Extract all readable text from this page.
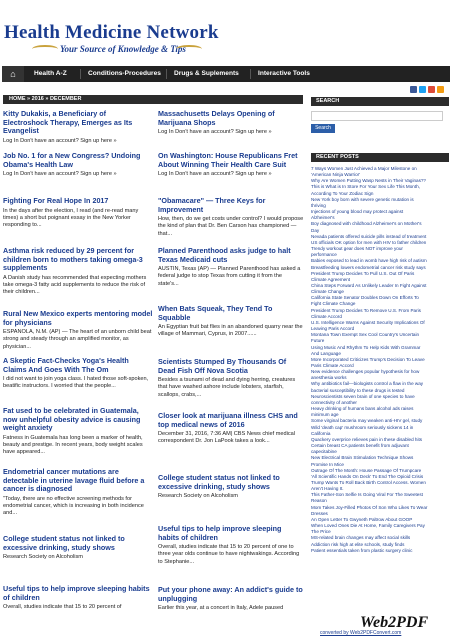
Health Medicine Network
Your Source of Knowledge & Tips
⌂	Health A-Z	Conditions-Procedures Drugs & Suplements	Interactive Tools
HOME » 2016 » DECEMBER
Kitty Dukakis, a Beneficiary of Electroshock Therapy, Emerges as Its Evangelist
Log In Don't have an account? Sign up here »
Job No. 1 for a New Congress? Undoing Obama's Health Law
Log In Don't have an account? Sign up here »
Fighting For Real Hope In 2017
In the days after the election, I read (and re-read many times) a short but poignant essay in the New Yorker responding to...
Asthma risk reduced by 29 percent for children born to mothers taking omega-3 supplements
A Danish study has recommended that expecting mothers take omega-3 fatty acid supplements to reduce the risk of their children...
Rural New Mexico experts mentoring model for physicians
ESPANOLA, N.M. (AP) — The heart of an unborn child beat strong and steady through an amplified monitor, as physician...
A Skeptic Fact-Checks Yoga's Health Claims And Goes With The Om
I did not want to join yoga class. I hated those soft-spoken, beatific instructors. I worried that the people...
Fat used to be celebrated in Guatemala, now unhelpful obesity advice is causing weight anxiety
Fatness in Guatemala has long been a marker of health, beauty and prestige. In recent years, body weight scales have appeared...
Endometrial cancer mutations are detectable in uterine lavage fluid before a cancer is diagnosed
"Today, there are no effective screening methods for endometrial cancer, which is increasing in both incidence and...
College student status not linked to excessive drinking, study shows
Research Society on Alcoholism
Useful tips to help improve sleeping habits of children
Overall, studies indicate that 15 to 20 percent of
Massachusetts Delays Opening of Marijuana Shops
Log In Don't have an account? Sign up here »
On Washington: House Republicans Fret About Winning Their Health Care Suit
Log In Don't have an account? Sign up here »
"Obamacare" — Three Keys for Improvement
How, then, do we get costs under control? I would propose the kind of plan that Dr. Ben Carson has championed — that...
Planned Parenthood asks judge to halt Texas Medicaid cuts
AUSTIN, Texas (AP) — Planned Parenthood has asked a federal judge to stop Texas from cutting it from the state's...
When Bats Squeak, They Tend To Squabble
An Egyptian fruit bat flies in an abandoned quarry near the village of Mammari, Cyprus, in 2007......
Scientists Stumped By Thousands Of Dead Fish Off Nova Scotia
Besides a tsunami of dead and dying herring, creatures that have washed ashore include lobsters, starfish, scallops, crabs,...
Closer look at marijuana illness CHS and top medical news of 2016
December 31, 2016, 7:36 AM| CBS News chief medical correspondent Dr. Jon LaPook takes a look...
College student status not linked to excessive drinking, study shows
Research Society on Alcoholism
Useful tips to help improve sleeping habits of children
Overall, studies indicate that 15 to 20 percent of one to three year olds continue to have nightwakings. According to Stephanie...
Put your phone away: An addict's guide to unplugging
Earlier this year, at a concert in Italy, Adele paused
SEARCH
Search
RECENT POSTS
7 Ways Women Just Achieved a Major Milestone on
'American Ninja Warrior'
Why Are Women Putting Wasp Nests in Their Vaginas??
This is What is In Store For Your Sex Life This Month,
According To Your Zodiac Sign
New York boy born with severe genetic mutation is
thriving
Injections of young blood may protect against
Alzheimer's
Boy diagnosed with childhood Alzheimer's on Mother's
Day
Nevada patients offered suicide pills instead of treatment
US officials OK option for men with HIV to father children
Trendy workout gear does NOT improve your
performance
Babies exposed to lead in womb have high risk of autism
Breastfeeding lowers endometrial cancer risk study says
President Trump Decides To Pull U.S. Out Of Paris
Climate Agreement
China Steps Forward As Unlikely Leader In Fight Against
Climate Change
California State Senator Doubles Down On Efforts To
Fight Climate Change
President Trump Decides To Remove U.S. From Paris
Climate Accord
U.S. Intelligence Warns Against Security Implications Of
Leaving Paris Accord
Montana Town Exempt Sex Cool Country's Uncertain
Future
Using Music And Rhythm To Help Kids With Grammar
And Language
More Incorporated Criticizes Trump's Decision To Leave
Paris Climate Accord
New evidence challenges popular hypothesis for how
anesthesia works
Why antibiotics fail—biologists control a flaw in the way
bacterial susceptibility to these drugs is tested
Neuroscientists seven brain of one species to have
connectivity of another
Heavy drinking of humans bans alcohol ads raises
minimum age
Some virginal bacteria may weaken anti-HIV gel, study
Wild 'death cap' mushroom seriously sickens 14 in
California
Quackery overprice relieves pain in these disabled hits
Certain breast CA patients benefit from adjuvant
capecitabine
New Electrical Brain Stimulation Technique Shows
Promise In Mice
Outrage Of The Month: House Passage Of Trumpcare
'All Scientific Hands On Deck' To End The Opioid Crisis
Trump Wants To Roll Back Birth Control Access. Women
Aren't Having It.
This Father-Son Selfie Is Going Viral For The Sweetest
Reason
Mom Takes Joy-Filled Photos Of Son Who Likes To Wear
Dresses
An Open Letter To Gwyneth Paltrow About GOOP
When Loved Ones Die At Home, Family Caregivers Pay
The Price
MS-related brain changes may affect social skills
Addiction risk high at elite schools, study finds
Patient essentials taken from plastic surgery clinic
Web2PDF
converted by Web2PDFConvert.com
